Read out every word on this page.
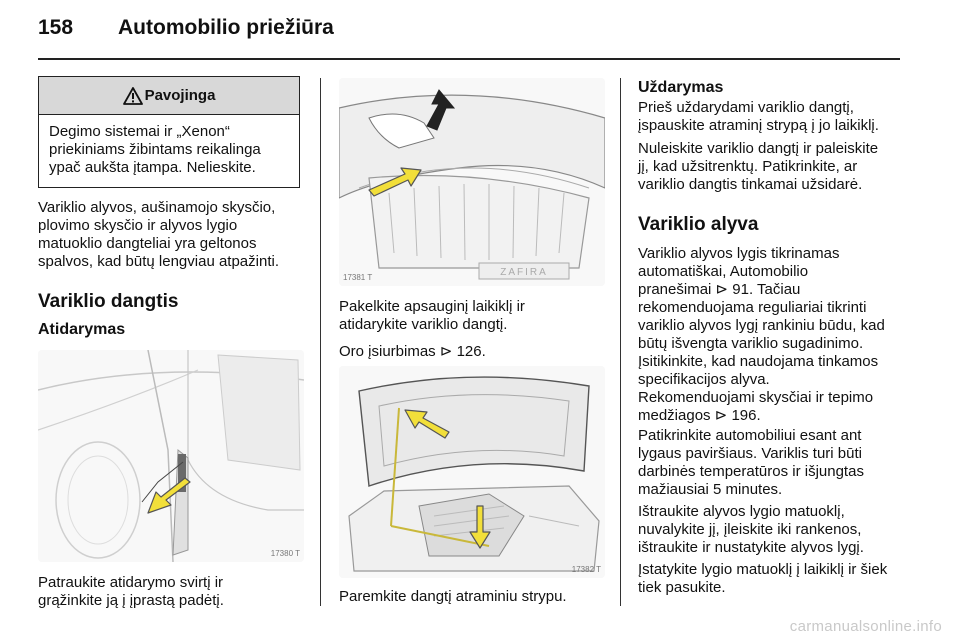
158 Automobilio priežiūra
Pavojinga
Degimo sistemai ir „Xenon“
priekiniams žibintams reikalinga
ypač aukšta įtampa. Nelieskite.
Variklio alyvos, aušinamojo skysčio,
plovimo skysčio ir alyvos lygio
matuoklio dangteliai yra geltonos
spalvos, kad būtų lengviau atpažinti.
Variklio dangtis
Atidarymas
17380 T
Patraukite atidarymo svirtį ir
grąžinkite ją į įprastą padėtį.
ZAFIRA
17381 T
Pakelkite apsauginį laikiklį ir
atidarykite variklio dangtį.
Oro įsiurbimas ⊳ 126.
17382 T
Paremkite dangtį atraminiu strypu.
Uždarymas
Prieš uždarydami variklio dangtį,
įspauskite atraminį strypą į jo laikiklį.
Nuleiskite variklio dangtį ir paleiskite
jį, kad užsitrenktų. Patikrinkite, ar
variklio dangtis tinkamai užsidarė.
Variklio alyva
Variklio alyvos lygis tikrinamas
automatiškai, Automobilio
pranešimai ⊳ 91. Tačiau
rekomenduojama reguliariai tikrinti
variklio alyvos lygį rankiniu būdu, kad
būtų išvengta variklio sugadinimo.
Įsitikinkite, kad naudojama tinkamos
specifikacijos alyva.
Rekomenduojami skysčiai ir tepimo
medžiagos ⊳ 196.
Patikrinkite automobiliui esant ant
lygaus paviršiaus. Variklis turi būti
darbinės temperatūros ir išjungtas
mažiausiai 5 minutes.
Ištraukite alyvos lygio matuoklį,
nuvalykite jį, įleiskite iki rankenos,
ištraukite ir nustatykite alyvos lygį.
Įstatykite lygio matuoklį į laikiklį ir šiek
tiek pasukite.
carmanualsonline.info
